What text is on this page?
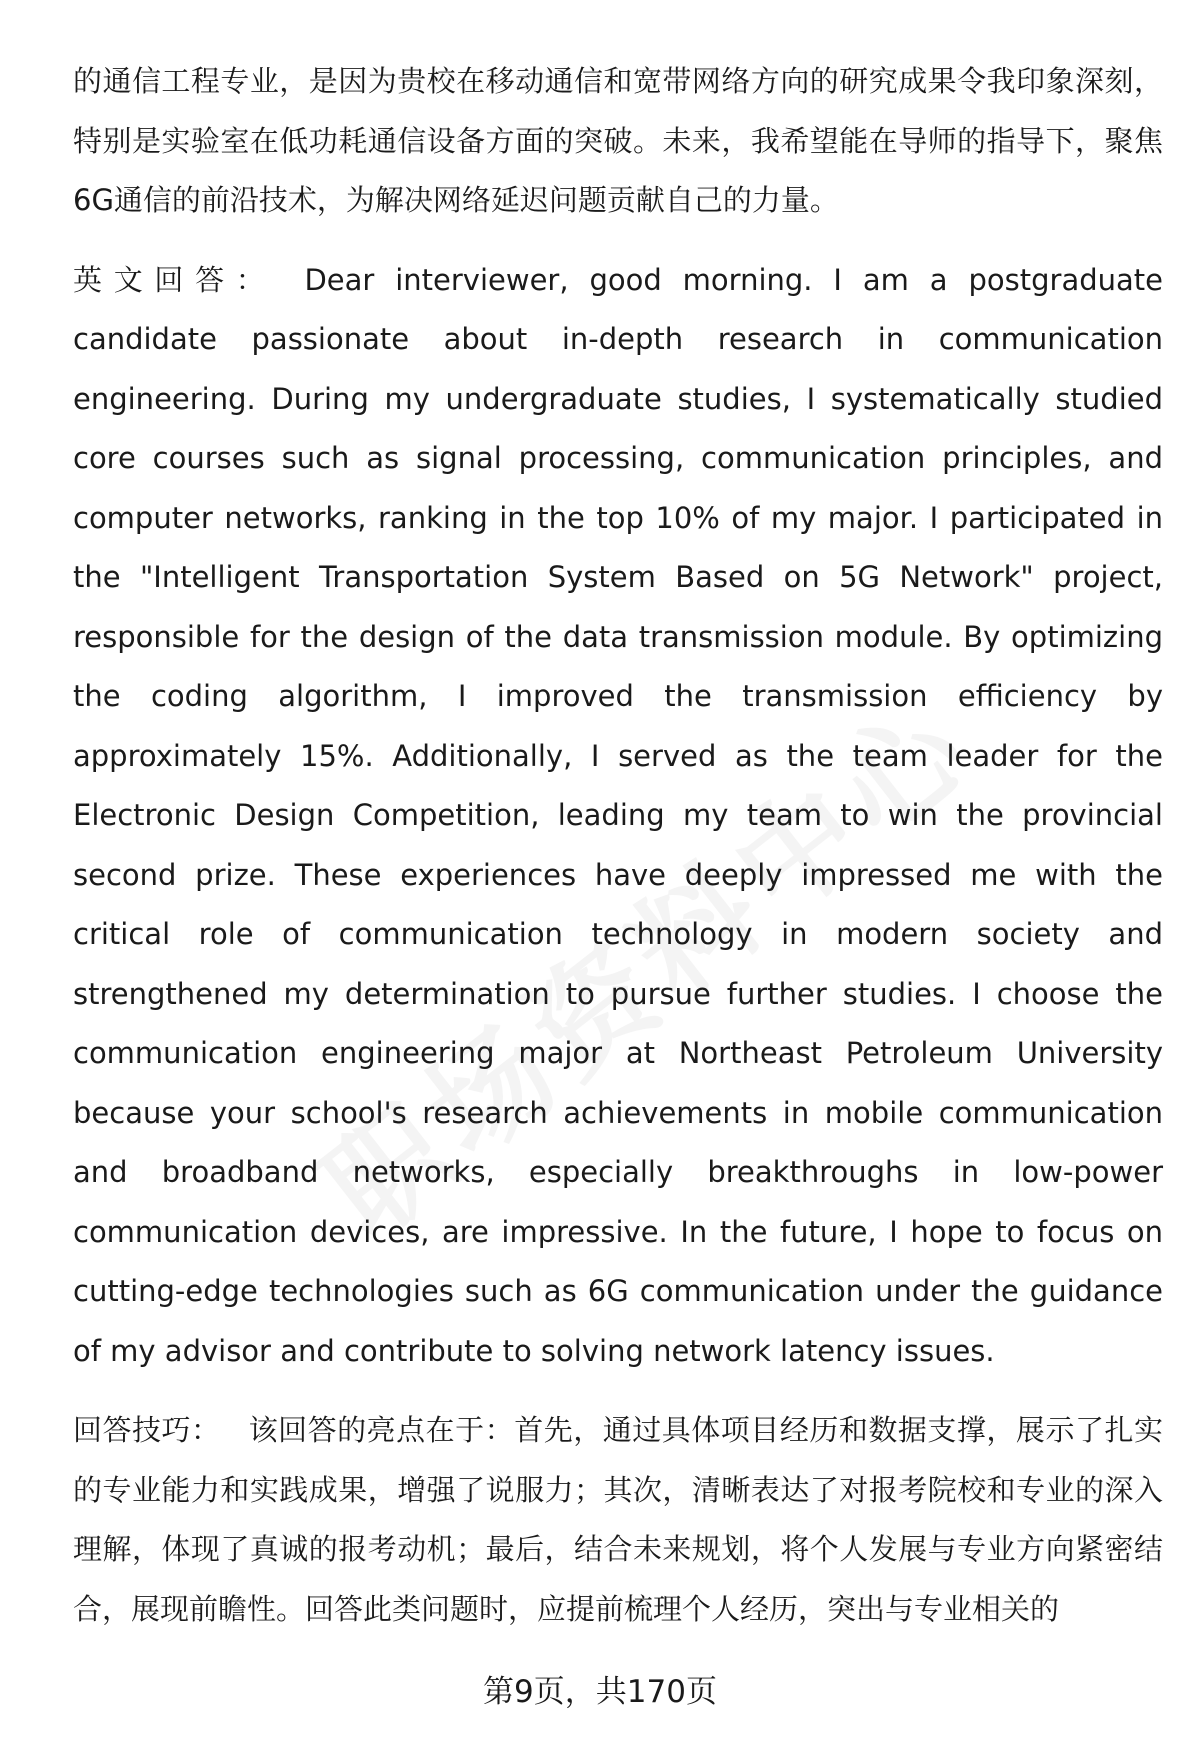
的通信工程专业，是因为贵校在移动通信和宽带网络方向的研究成果令我印象深刻，特别是实验室在低功耗通信设备方面的突破。未来，我希望能在导师的指导下，聚焦6G通信的前沿技术，为解决网络延迟问题贡献自己的力量。

英文回答： Dear interviewer, good morning. I am a postgraduate candidate passionate about in-depth research in communication engineering. During my undergraduate studies, I systematically studied core courses such as signal processing, communication principles, and computer networks, ranking in the top 10% of my major. I participated in the "Intelligent Transportation System Based on 5G Network" project, responsible for the design of the data transmission module. By optimizing the coding algorithm, I improved the transmission efficiency by approximately 15%. Additionally, I served as the team leader for the Electronic Design Competition, leading my team to win the provincial second prize. These experiences have deeply impressed me with the critical role of communication technology in modern society and strengthened my determination to pursue further studies. I choose the communication engineering major at Northeast Petroleum University because your school's research achievements in mobile communication and broadband networks, especially breakthroughs in low-power communication devices, are impressive. In the future, I hope to focus on cutting-edge technologies such as 6G communication under the guidance of my advisor and contribute to solving network latency issues.

回答技巧： 该回答的亮点在于：首先，通过具体项目经历和数据支撑，展示了扎实的专业能力和实践成果，增强了说服力；其次，清晰表达了对报考院校和专业的深入理解，体现了真诚的报考动机；最后，结合未来规划，将个人发展与专业方向紧密结合，展现前瞻性。回答此类问题时，应提前梳理个人经历，突出与专业相关的

第9页，共170页
